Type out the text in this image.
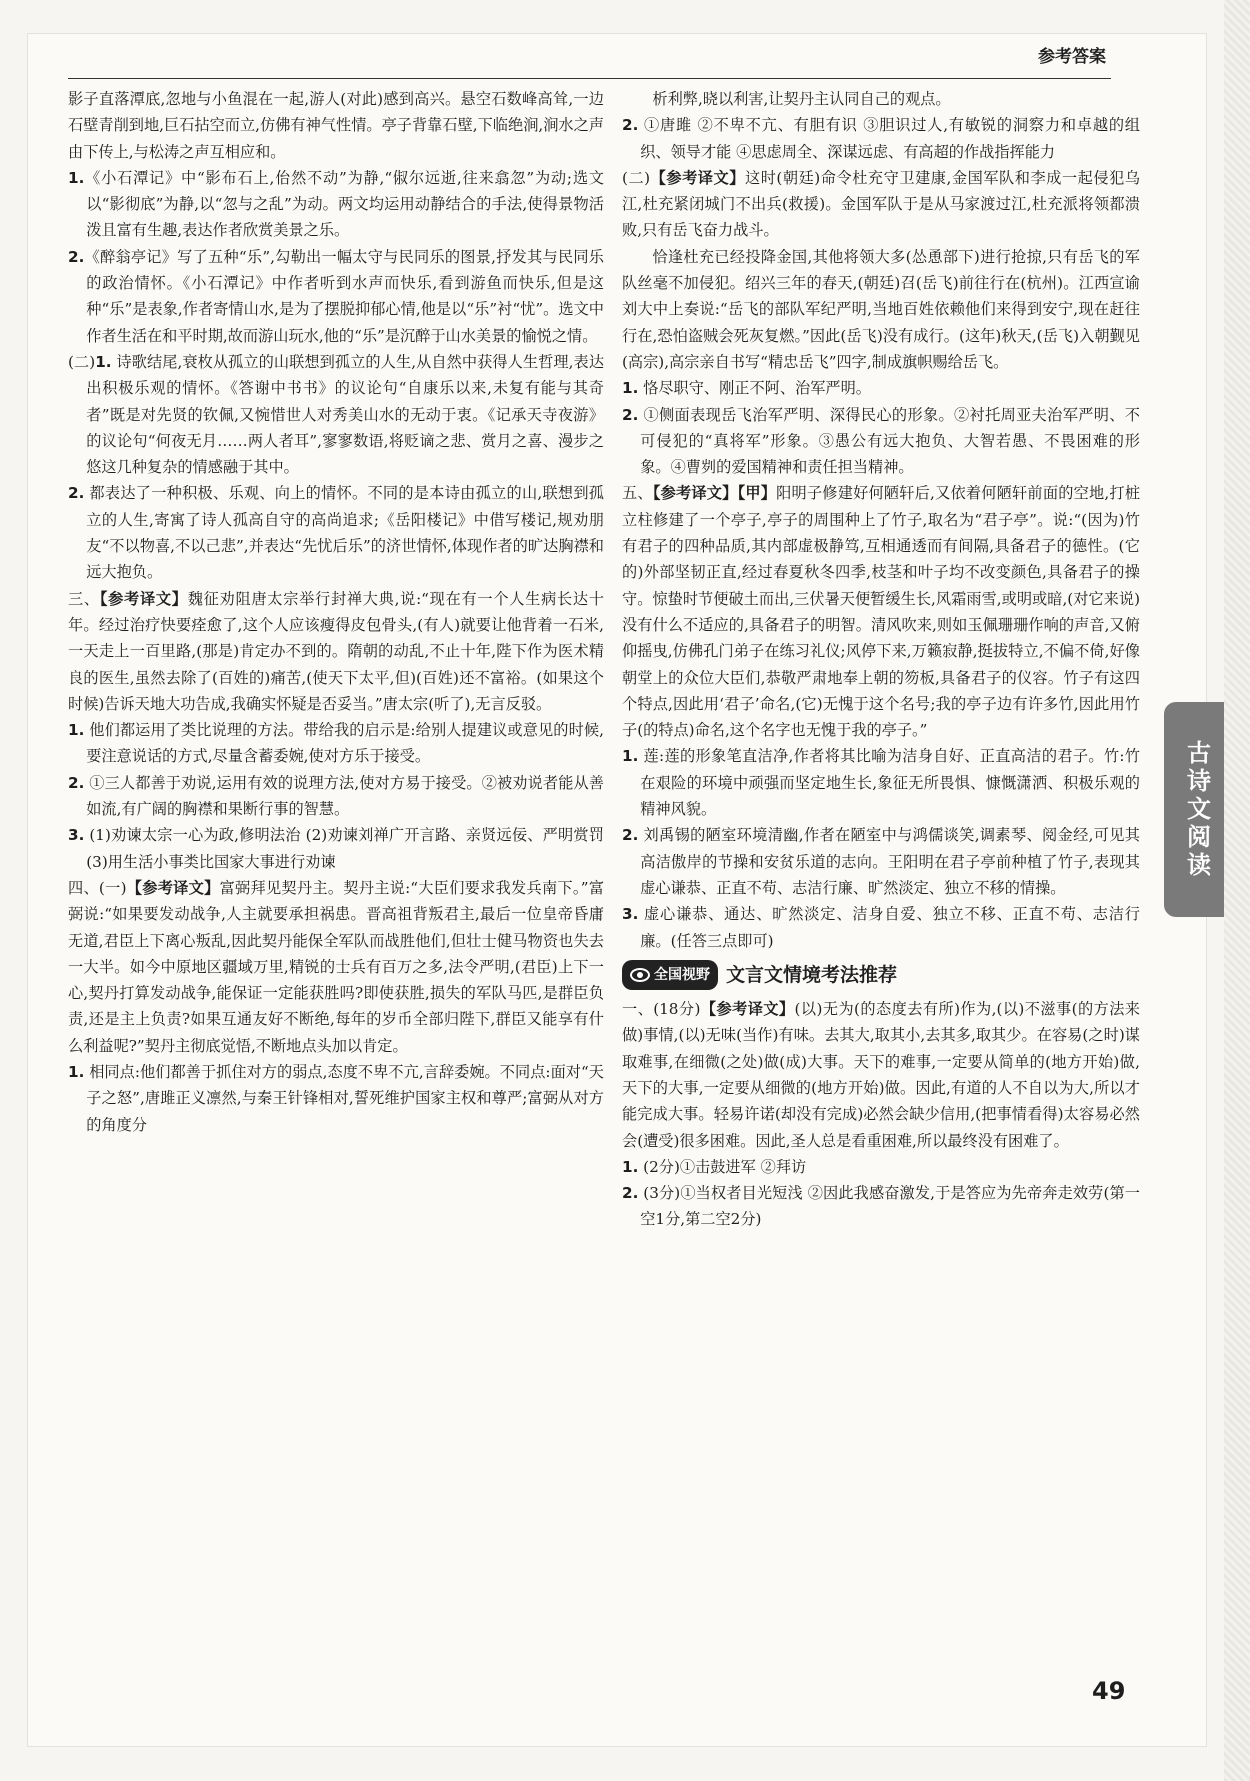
参考答案

影子直落潭底,忽地与小鱼混在一起,游人(对此)感到高兴。悬空石数峰高耸,一边石壁青削到地,巨石拈空而立,仿佛有神气性情。亭子背靠石壁,下临绝涧,涧水之声由下传上,与松涛之声互相应和。

1.《小石潭记》中“影布石上,佁然不动”为静,“俶尔远逝,往来翕忽”为动;选文以“影彻底”为静,以“忽与之乱”为动。两文均运用动静结合的手法,使得景物活泼且富有生趣,表达作者欣赏美景之乐。

2.《醉翁亭记》写了五种“乐”,勾勒出一幅太守与民同乐的图景,抒发其与民同乐的政治情怀。《小石潭记》中作者听到水声而快乐,看到游鱼而快乐,但是这种“乐”是表象,作者寄情山水,是为了摆脱抑郁心情,他是以“乐”衬“忧”。选文中作者生活在和平时期,故而游山玩水,他的“乐”是沉醉于山水美景的愉悦之情。

(二)1. 诗歌结尾,衰枚从孤立的山联想到孤立的人生,从自然中获得人生哲理,表达出积极乐观的情怀。《答谢中书书》的议论句“自康乐以来,未复有能与其奇者”既是对先贤的钦佩,又惋惜世人对秀美山水的无动于衷。《记承天寺夜游》的议论句“何夜无月……两人者耳”,寥寥数语,将贬谪之悲、赏月之喜、漫步之悠这几种复杂的情感融于其中。

2. 都表达了一种积极、乐观、向上的情怀。不同的是本诗由孤立的山,联想到孤立的人生,寄寓了诗人孤高自守的高尚追求;《岳阳楼记》中借写楼记,规劝朋友“不以物喜,不以己悲”,并表达“先忧后乐”的济世情怀,体现作者的旷达胸襟和远大抱负。

三、【参考译文】魏征劝阻唐太宗举行封禅大典,说:“现在有一个人生病长达十年。经过治疗快要痊愈了,这个人应该瘦得皮包骨头,(有人)就要让他背着一石米,一天走上一百里路,(那是)肯定办不到的。隋朝的动乱,不止十年,陛下作为医术精良的医生,虽然去除了(百姓的)痛苦,(使天下太平,但)(百姓)还不富裕。(如果这个时候)告诉天地大功告成,我确实怀疑是否妥当。”唐太宗(听了),无言反驳。

1. 他们都运用了类比说理的方法。带给我的启示是:给别人提建议或意见的时候,要注意说话的方式,尽量含蓄委婉,使对方乐于接受。

2. ①三人都善于劝说,运用有效的说理方法,使对方易于接受。②被劝说者能从善如流,有广阔的胸襟和果断行事的智慧。

3. (1)劝谏太宗一心为政,修明法治 (2)劝谏刘禅广开言路、亲贤远佞、严明赏罚 (3)用生活小事类比国家大事进行劝谏

四、(一)【参考译文】富弼拜见契丹主。契丹主说:“大臣们要求我发兵南下。”富弼说:“如果要发动战争,人主就要承担祸患。晋高祖背叛君主,最后一位皇帝昏庸无道,君臣上下离心叛乱,因此契丹能保全军队而战胜他们,但壮士健马物资也失去一大半。如今中原地区疆域万里,精锐的士兵有百万之多,法令严明,(君臣)上下一心,契丹打算发动战争,能保证一定能获胜吗?即使获胜,损失的军队马匹,是群臣负责,还是主上负责?如果互通友好不断绝,每年的岁币全部归陛下,群臣又能享有什么利益呢?”契丹主彻底觉悟,不断地点头加以肯定。

1. 相同点:他们都善于抓住对方的弱点,态度不卑不亢,言辞委婉。不同点:面对“天子之怒”,唐雎正义凛然,与秦王针锋相对,誓死维护国家主权和尊严;富弼从对方的角度分

析利弊,晓以利害,让契丹主认同自己的观点。

2. ①唐雎 ②不卑不亢、有胆有识 ③胆识过人,有敏锐的洞察力和卓越的组织、领导才能 ④思虑周全、深谋远虑、有高超的作战指挥能力

(二)【参考译文】这时(朝廷)命令杜充守卫建康,金国军队和李成一起侵犯乌江,杜充紧闭城门不出兵(救援)。金国军队于是从马家渡过江,杜充派将领都溃败,只有岳飞奋力战斗。

恰逢杜充已经投降金国,其他将领大多(怂恿部下)进行抢掠,只有岳飞的军队丝毫不加侵犯。绍兴三年的春天,(朝廷)召(岳飞)前往行在(杭州)。江西宣谕刘大中上奏说:“岳飞的部队军纪严明,当地百姓依赖他们来得到安宁,现在赶往行在,恐怕盗贼会死灰复燃。”因此(岳飞)没有成行。(这年)秋天,(岳飞)入朝觐见(高宗),高宗亲自书写“精忠岳飞”四字,制成旗帜赐给岳飞。

1. 恪尽职守、刚正不阿、治军严明。

2. ①侧面表现岳飞治军严明、深得民心的形象。②衬托周亚夫治军严明、不可侵犯的“真将军”形象。③愚公有远大抱负、大智若愚、不畏困难的形象。④曹刿的爱国精神和责任担当精神。

五、【参考译文】【甲】阳明子修建好何陋轩后,又依着何陋轩前面的空地,打桩立柱修建了一个亭子,亭子的周围种上了竹子,取名为“君子亭”。说:“(因为)竹有君子的四种品质,其内部虚极静笃,互相通透而有间隔,具备君子的德性。(它的)外部坚韧正直,经过春夏秋冬四季,枝茎和叶子均不改变颜色,具备君子的操守。惊蛰时节便破土而出,三伏暑天便暂缓生长,风霜雨雪,或明或暗,(对它来说)没有什么不适应的,具备君子的明智。清风吹来,则如玉佩珊珊作响的声音,又俯仰摇曳,仿佛孔门弟子在练习礼仪;风停下来,万籁寂静,挺拔特立,不偏不倚,好像朝堂上的众位大臣们,恭敬严肃地奉上朝的笏板,具备君子的仪容。竹子有这四个特点,因此用‘君子’命名,(它)无愧于这个名号;我的亭子边有许多竹,因此用竹子(的特点)命名,这个名字也无愧于我的亭子。”

1. 莲:莲的形象笔直洁净,作者将其比喻为洁身自好、正直高洁的君子。竹:竹在艰险的环境中顽强而坚定地生长,象征无所畏惧、慷慨潇洒、积极乐观的精神风貌。

2. 刘禹锡的陋室环境清幽,作者在陋室中与鸿儒谈笑,调素琴、阅金经,可见其高洁傲岸的节操和安贫乐道的志向。王阳明在君子亭前种植了竹子,表现其虚心谦恭、正直不苟、志洁行廉、旷然淡定、独立不移的情操。

3. 虚心谦恭、通达、旷然淡定、洁身自爱、独立不移、正直不苟、志洁行廉。(任答三点即可)

全国视野 文言文情境考法推荐

一、(18分)【参考译文】(以)无为(的态度去有所)作为,(以)不滋事(的方法来做)事情,(以)无味(当作)有味。去其大,取其小,去其多,取其少。在容易(之时)谋取难事,在细微(之处)做(成)大事。天下的难事,一定要从简单的(地方开始)做,天下的大事,一定要从细微的(地方开始)做。因此,有道的人不自以为大,所以才能完成大事。轻易许诺(却没有完成)必然会缺少信用,(把事情看得)太容易必然会(遭受)很多困难。因此,圣人总是看重困难,所以最终没有困难了。

1. (2分)①击鼓进军 ②拜访

2. (3分)①当权者目光短浅 ②因此我感奋激发,于是答应为先帝奔走效劳(第一空1分,第二空2分)

古诗文阅读
49
